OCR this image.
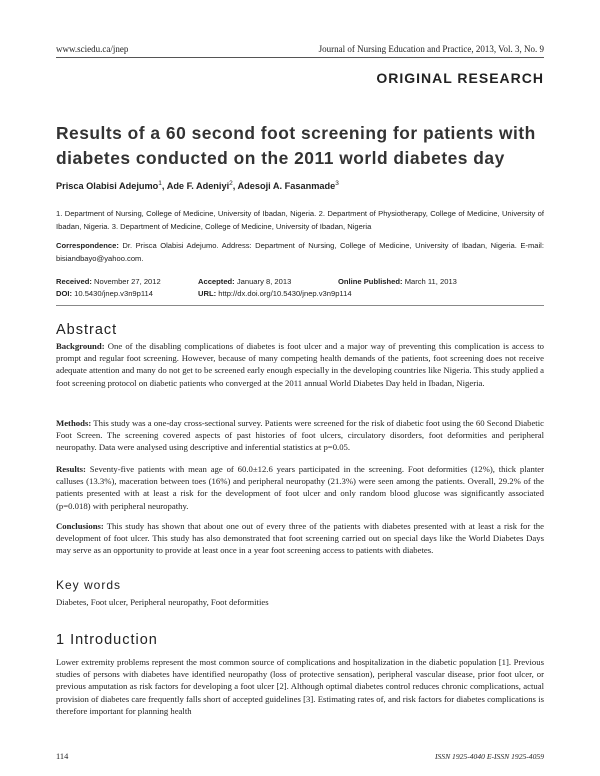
www.sciedu.ca/jnep	Journal of Nursing Education and Practice, 2013, Vol. 3, No. 9
ORIGINAL RESEARCH
Results of a 60 second foot screening for patients with diabetes conducted on the 2011 world diabetes day
Prisca Olabisi Adejumo$^1$, Ade F. Adeniyi$^2$, Adesoji A. Fasanmade$^3$
1. Department of Nursing, College of Medicine, University of Ibadan, Nigeria. 2. Department of Physiotherapy, College of Medicine, University of Ibadan, Nigeria. 3. Department of Medicine, College of Medicine, University of Ibadan, Nigeria
Correspondence: Dr. Prisca Olabisi Adejumo. Address: Department of Nursing, College of Medicine, University of Ibadan, Nigeria. E-mail: bisiandbayo@yahoo.com.
Received: November 27, 2012	Accepted: January 8, 2013	Online Published: March 11, 2013
DOI: 10.5430/jnep.v3n9p114	URL: http://dx.doi.org/10.5430/jnep.v3n9p114
Abstract

Background: One of the disabling complications of diabetes is foot ulcer and a major way of preventing this complication is access to prompt and regular foot screening. However, because of many competing health demands of the patients, foot screening does not receive adequate attention and many do not get to be screened early enough especially in the developing countries like Nigeria. This study applied a foot screening protocol on diabetic patients who converged at the 2011 annual World Diabetes Day held in Ibadan, Nigeria.

Methods: This study was a one-day cross-sectional survey. Patients were screened for the risk of diabetic foot using the 60 Second Diabetic Foot Screen. The screening covered aspects of past histories of foot ulcers, circulatory disorders, foot deformities and peripheral neuropathy. Data were analysed using descriptive and inferential statistics at p=0.05.

Results: Seventy-five patients with mean age of 60.0±12.6 years participated in the screening. Foot deformities (12%), thick planter calluses (13.3%), maceration between toes (16%) and peripheral neuropathy (21.3%) were seen among the patients. Overall, 29.2% of the patients presented with at least a risk for the development of foot ulcer and only random blood glucose was significantly associated (p=0.018) with peripheral neuropathy.

Conclusions: This study has shown that about one out of every three of the patients with diabetes presented with at least a risk for the development of foot ulcer. This study has also demonstrated that foot screening carried out on special days like the World Diabetes Days may serve as an opportunity to provide at least once in a year foot screening access to patients with diabetes.

Key words

Diabetes, Foot ulcer, Peripheral neuropathy, Foot deformities

1 Introduction

Lower extremity problems represent the most common source of complications and hospitalization in the diabetic population [1]. Previous studies of persons with diabetes have identified neuropathy (loss of protective sensation), peripheral vascular disease, prior foot ulcer, or previous amputation as risk factors for developing a foot ulcer [2]. Although optimal diabetes control reduces chronic complications, actual provision of diabetes care frequently falls short of accepted guidelines [3]. Estimating rates of, and risk factors for diabetes complications is therefore important for planning health

114	ISSN 1925-4040 E-ISSN 1925-4059
